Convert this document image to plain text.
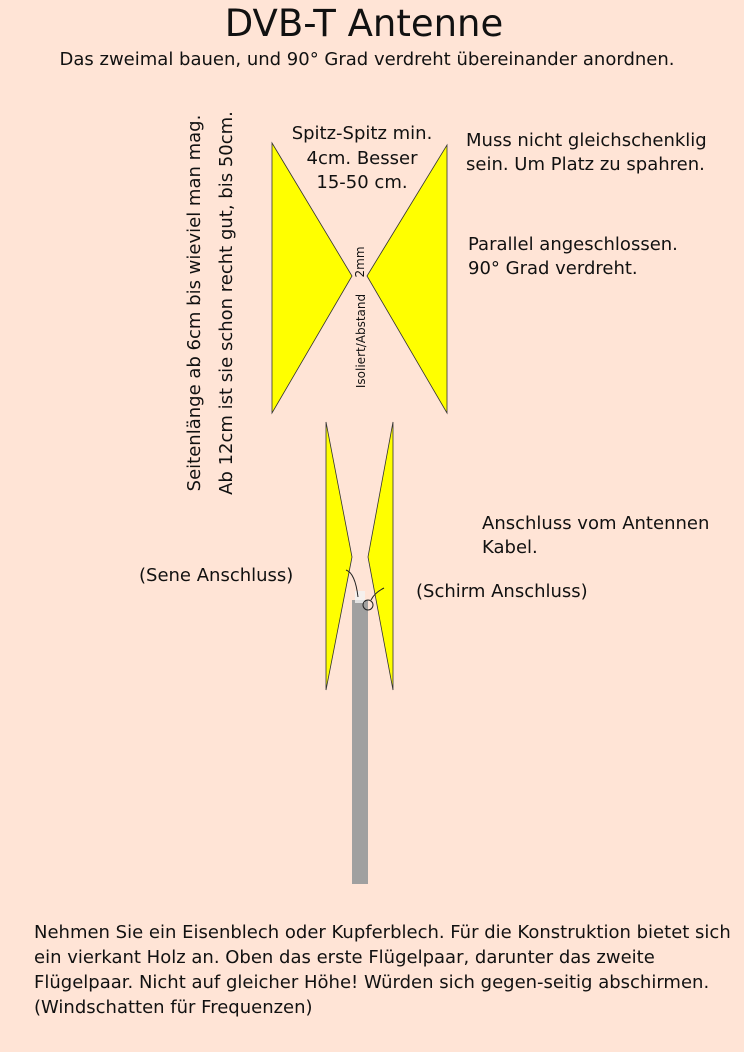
DVB-T Antenne
Das zweimal bauen, und 90° Grad verdreht übereinander anordnen.
Seitenlänge ab 6cm bis wieviel man mag.
Ab 12cm ist sie schon recht gut, bis 50cm.	Spitz-Spitz min.
4cm. Besser
15-50 cm.
Muss nicht gleichschenklig
sein. Um Platz zu spahren.
Parallel angeschlossen.
90° Grad verdreht.
2mm
Isoliert/Abstand
Anschluss vom Antennen
Kabel.
(Sene Anschluss)
(Schirm Anschluss)
Nehmen Sie ein Eisenblech oder Kupferblech. Für die Konstruktion bietet sich ein vierkant Holz an. Oben das erste Flügelpaar, darunter das zweite Flügelpaar. Nicht auf gleicher Höhe! Würden sich gegen-seitig abschirmen. (Windschatten für Frequenzen)
